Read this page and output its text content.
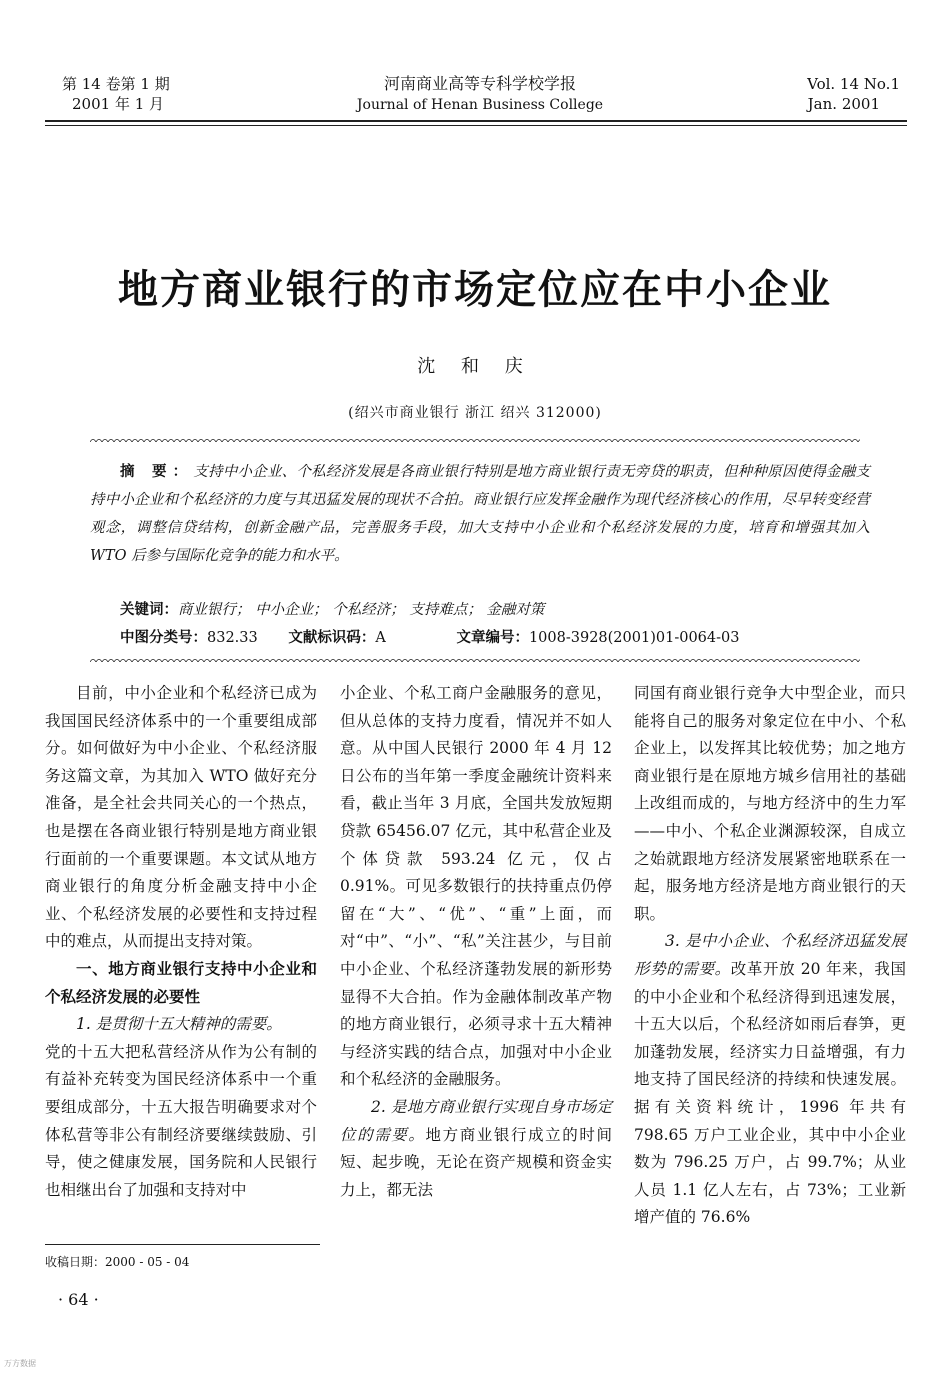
第 14 卷第 1 期
2001 年 1 月
河南商业高等专科学校学报
Journal of Henan Business College
Vol. 14 No.1
Jan. 2001
地方商业银行的市场定位应在中小企业
沈 和 庆
(绍兴市商业银行 浙江 绍兴 312000)
摘 要：支持中小企业、个私经济发展是各商业银行特别是地方商业银行责无旁贷的职责，但种种原因使得金融支持中小企业和个私经济的力度与其迅猛发展的现状不合拍。商业银行应发挥金融作为现代经济核心的作用，尽早转变经营观念，调整信贷结构，创新金融产品，完善服务手段，加大支持中小企业和个私经济发展的力度，培育和增强其加入 WTO 后参与国际化竞争的能力和水平。
关键词：商业银行； 中小企业； 个私经济； 支持难点； 金融对策
中图分类号：832.33 文献标识码：A	文章编号：1008-3928(2001)01-0064-03

目前，中小企业和个私经济已成为我国国民经济体系中的一个重要组成部分。如何做好为中小企业、个私经济服务这篇文章，为其加入 WTO 做好充分准备，是全社会共同关心的一个热点，也是摆在各商业银行特别是地方商业银行面前的一个重要课题。本文试从地方商业银行的角度分析金融支持中小企业、个私经济发展的必要性和支持过程中的难点，从而提出支持对策。

一、地方商业银行支持中小企业和个私经济发展的必要性

1. 是贯彻十五大精神的需要。

党的十五大把私营经济从作为公有制的有益补充转变为国民经济体系中一个重要组成部分，十五大报告明确要求对个体私营等非公有制经济要继续鼓励、引导，使之健康发展，国务院和人民银行也相继出台了加强和支持对中

小企业、个私工商户金融服务的意见，但从总体的支持力度看，情况并不如人意。从中国人民银行 2000 年 4 月 12 日公布的当年第一季度金融统计资料来看，截止当年 3 月底，全国共发放短期贷款 65456.07 亿元，其中私营企业及个体贷款 593.24 亿元，仅占 0.91%。可见多数银行的扶持重点仍停留在“大”、“优”、“重”上面，而对“中”、“小”、“私”关注甚少，与目前中小企业、个私经济蓬勃发展的新形势显得不大合拍。作为金融体制改革产物的地方商业银行，必须寻求十五大精神与经济实践的结合点，加强对中小企业和个私经济的金融服务。

2. 是地方商业银行实现自身市场定位的需要。地方商业银行成立的时间短、起步晚，无论在资产规模和资金实力上，都无法

同国有商业银行竞争大中型企业，而只能将自己的服务对象定位在中小、个私企业上，以发挥其比较优势；加之地方商业银行是在原地方城乡信用社的基础上改组而成的，与地方经济中的生力军——中小、个私企业渊源较深，自成立之始就跟地方经济发展紧密地联系在一起，服务地方经济是地方商业银行的天职。

3. 是中小企业、个私经济迅猛发展形势的需要。改革开放 20 年来，我国的中小企业和个私经济得到迅速发展，十五大以后，个私经济如雨后春笋，更加蓬勃发展，经济实力日益增强，有力地支持了国民经济的持续和快速发展。据有关资料统计，1996 年共有 798.65 万户工业企业，其中中小企业数为 796.25 万户，占 99.7%；从业人员 1.1 亿人左右，占 73%；工业新增产值的 76.6%

收稿日期：2000 - 05 - 04
· 64 ·
万方数据
